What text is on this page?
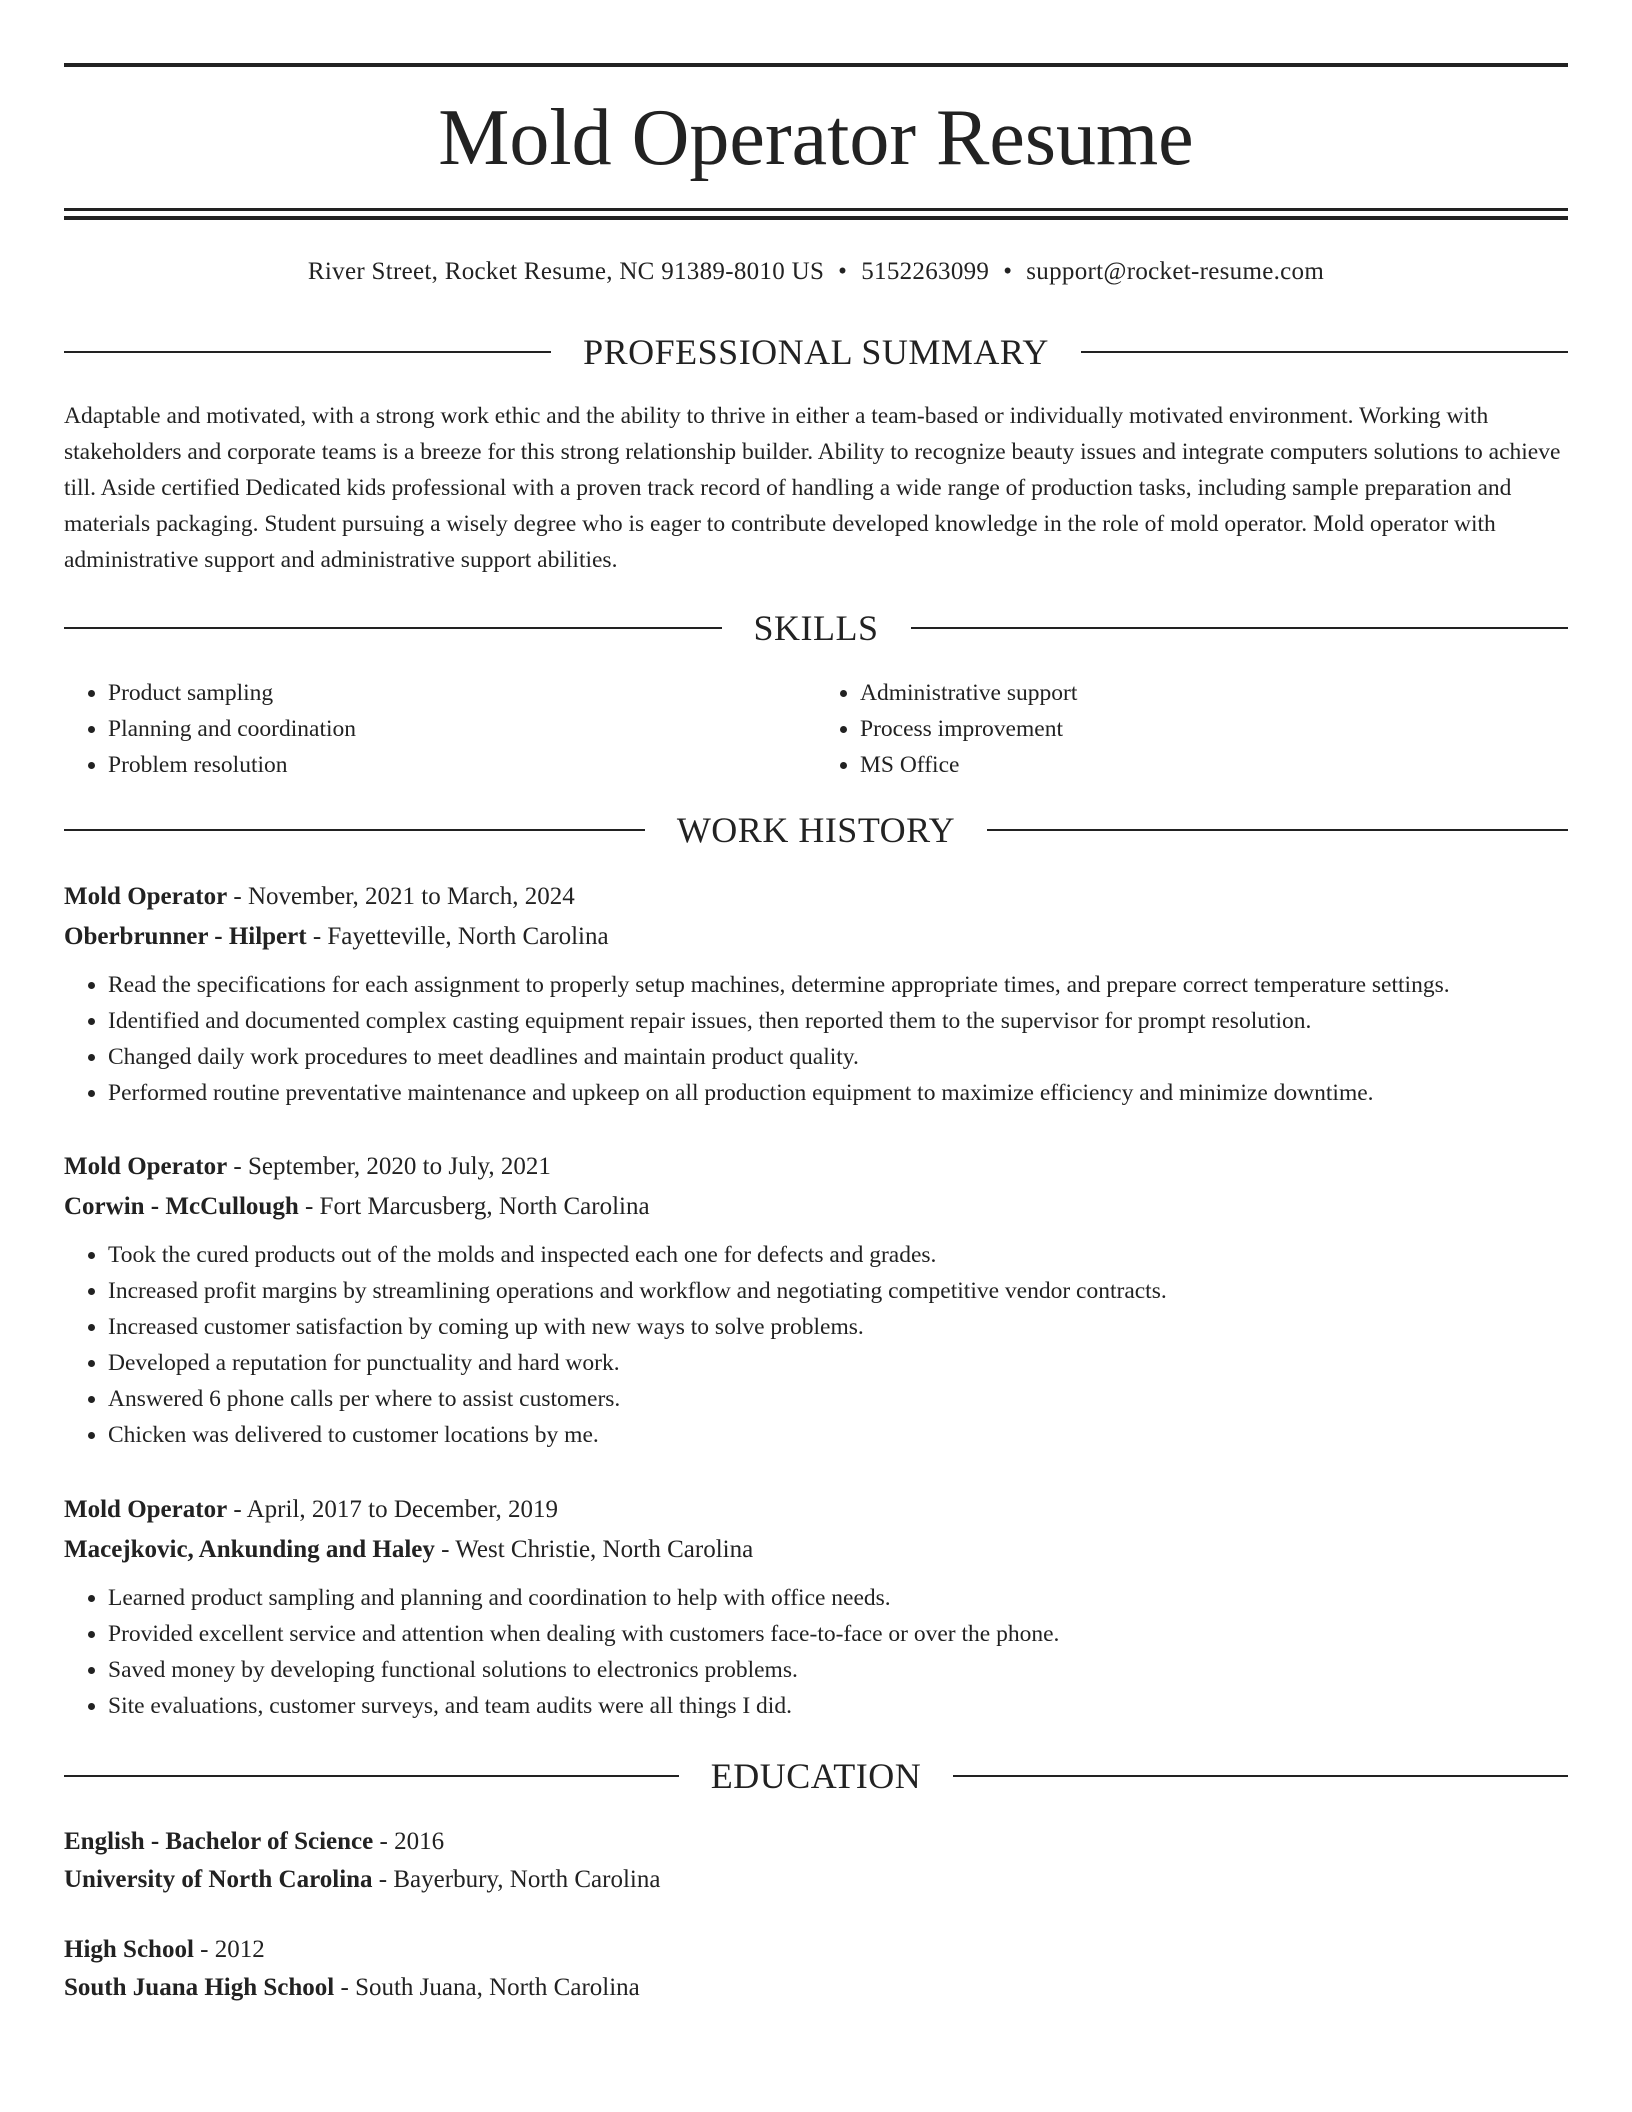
Mold Operator Resume
River Street, Rocket Resume, NC 91389-8010 US • 5152263099 • support@rocket-resume.com
PROFESSIONAL SUMMARY

Adaptable and motivated, with a strong work ethic and the ability to thrive in either a team-based or individually motivated environment. Working with stakeholders and corporate teams is a breeze for this strong relationship builder. Ability to recognize beauty issues and integrate computers solutions to achieve till. Aside certified Dedicated kids professional with a proven track record of handling a wide range of production tasks, including sample preparation and materials packaging. Student pursuing a wisely degree who is eager to contribute developed knowledge in the role of mold operator. Mold operator with administrative support and administrative support abilities.

SKILLS
• Product sampling
• Planning and coordination
• Problem resolution
• Administrative support
• Process improvement
• MS Office
WORK HISTORY
Mold Operator - November, 2021 to March, 2024
Oberbrunner - Hilpert - Fayetteville, North Carolina
• Read the specifications for each assignment to properly setup machines, determine appropriate times, and prepare correct temperature settings.
• Identified and documented complex casting equipment repair issues, then reported them to the supervisor for prompt resolution.
• Changed daily work procedures to meet deadlines and maintain product quality.
• Performed routine preventative maintenance and upkeep on all production equipment to maximize efficiency and minimize downtime.
Mold Operator - September, 2020 to July, 2021
Corwin - McCullough - Fort Marcusberg, North Carolina
• Took the cured products out of the molds and inspected each one for defects and grades.
• Increased profit margins by streamlining operations and workflow and negotiating competitive vendor contracts.
• Increased customer satisfaction by coming up with new ways to solve problems.
• Developed a reputation for punctuality and hard work.
• Answered 6 phone calls per where to assist customers.
• Chicken was delivered to customer locations by me.
Mold Operator - April, 2017 to December, 2019
Macejkovic, Ankunding and Haley - West Christie, North Carolina
• Learned product sampling and planning and coordination to help with office needs.
• Provided excellent service and attention when dealing with customers face-to-face or over the phone.
• Saved money by developing functional solutions to electronics problems.
• Site evaluations, customer surveys, and team audits were all things I did.
EDUCATION
English - Bachelor of Science - 2016
University of North Carolina - Bayerbury, North Carolina
High School - 2012
South Juana High School - South Juana, North Carolina
